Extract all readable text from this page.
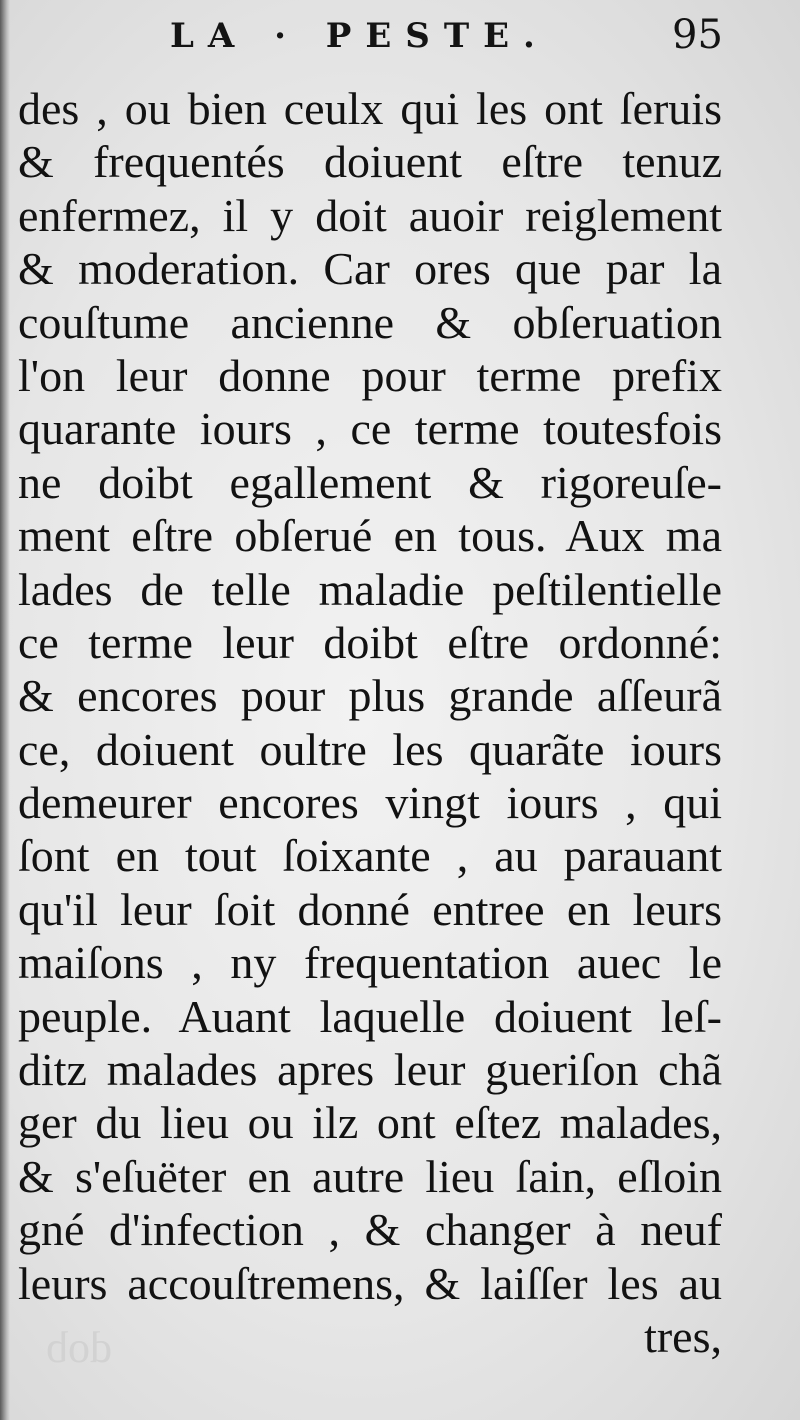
LA · PESTE.	95
des , ou bien ceulx qui les ont ſeruis
& frequentés doiuent eſtre tenuz
enfermez, il y doit auoir reiglement
& moderation. Car ores que par la
couſtume ancienne & obſeruation
l'on leur donne pour terme prefix
quarante iours , ce terme toutesfois
ne doibt egallement & rigoreuſe-
ment eſtre obſerué en tous. Aux ma
lades de telle maladie peſtilentielle
ce terme leur doibt eſtre ordonné:
& encores pour plus grande aſſeurã
ce, doiuent oultre les quarãte iours
demeurer encores vingt iours , qui
ſont en tout ſoixante , au parauant
qu'il leur ſoit donné entree en leurs
maiſons , ny frequentation auec le
peuple. Auant laquelle doiuent leſ-
ditz malades apres leur gueriſon chã
ger du lieu ou ilz ont eſtez malades,
& s'eſuëter en autre lieu ſain, eſloin
gné d'infection , & changer à neuf
leurs accouſtremens, & laiſſer les au
tres,
dob
